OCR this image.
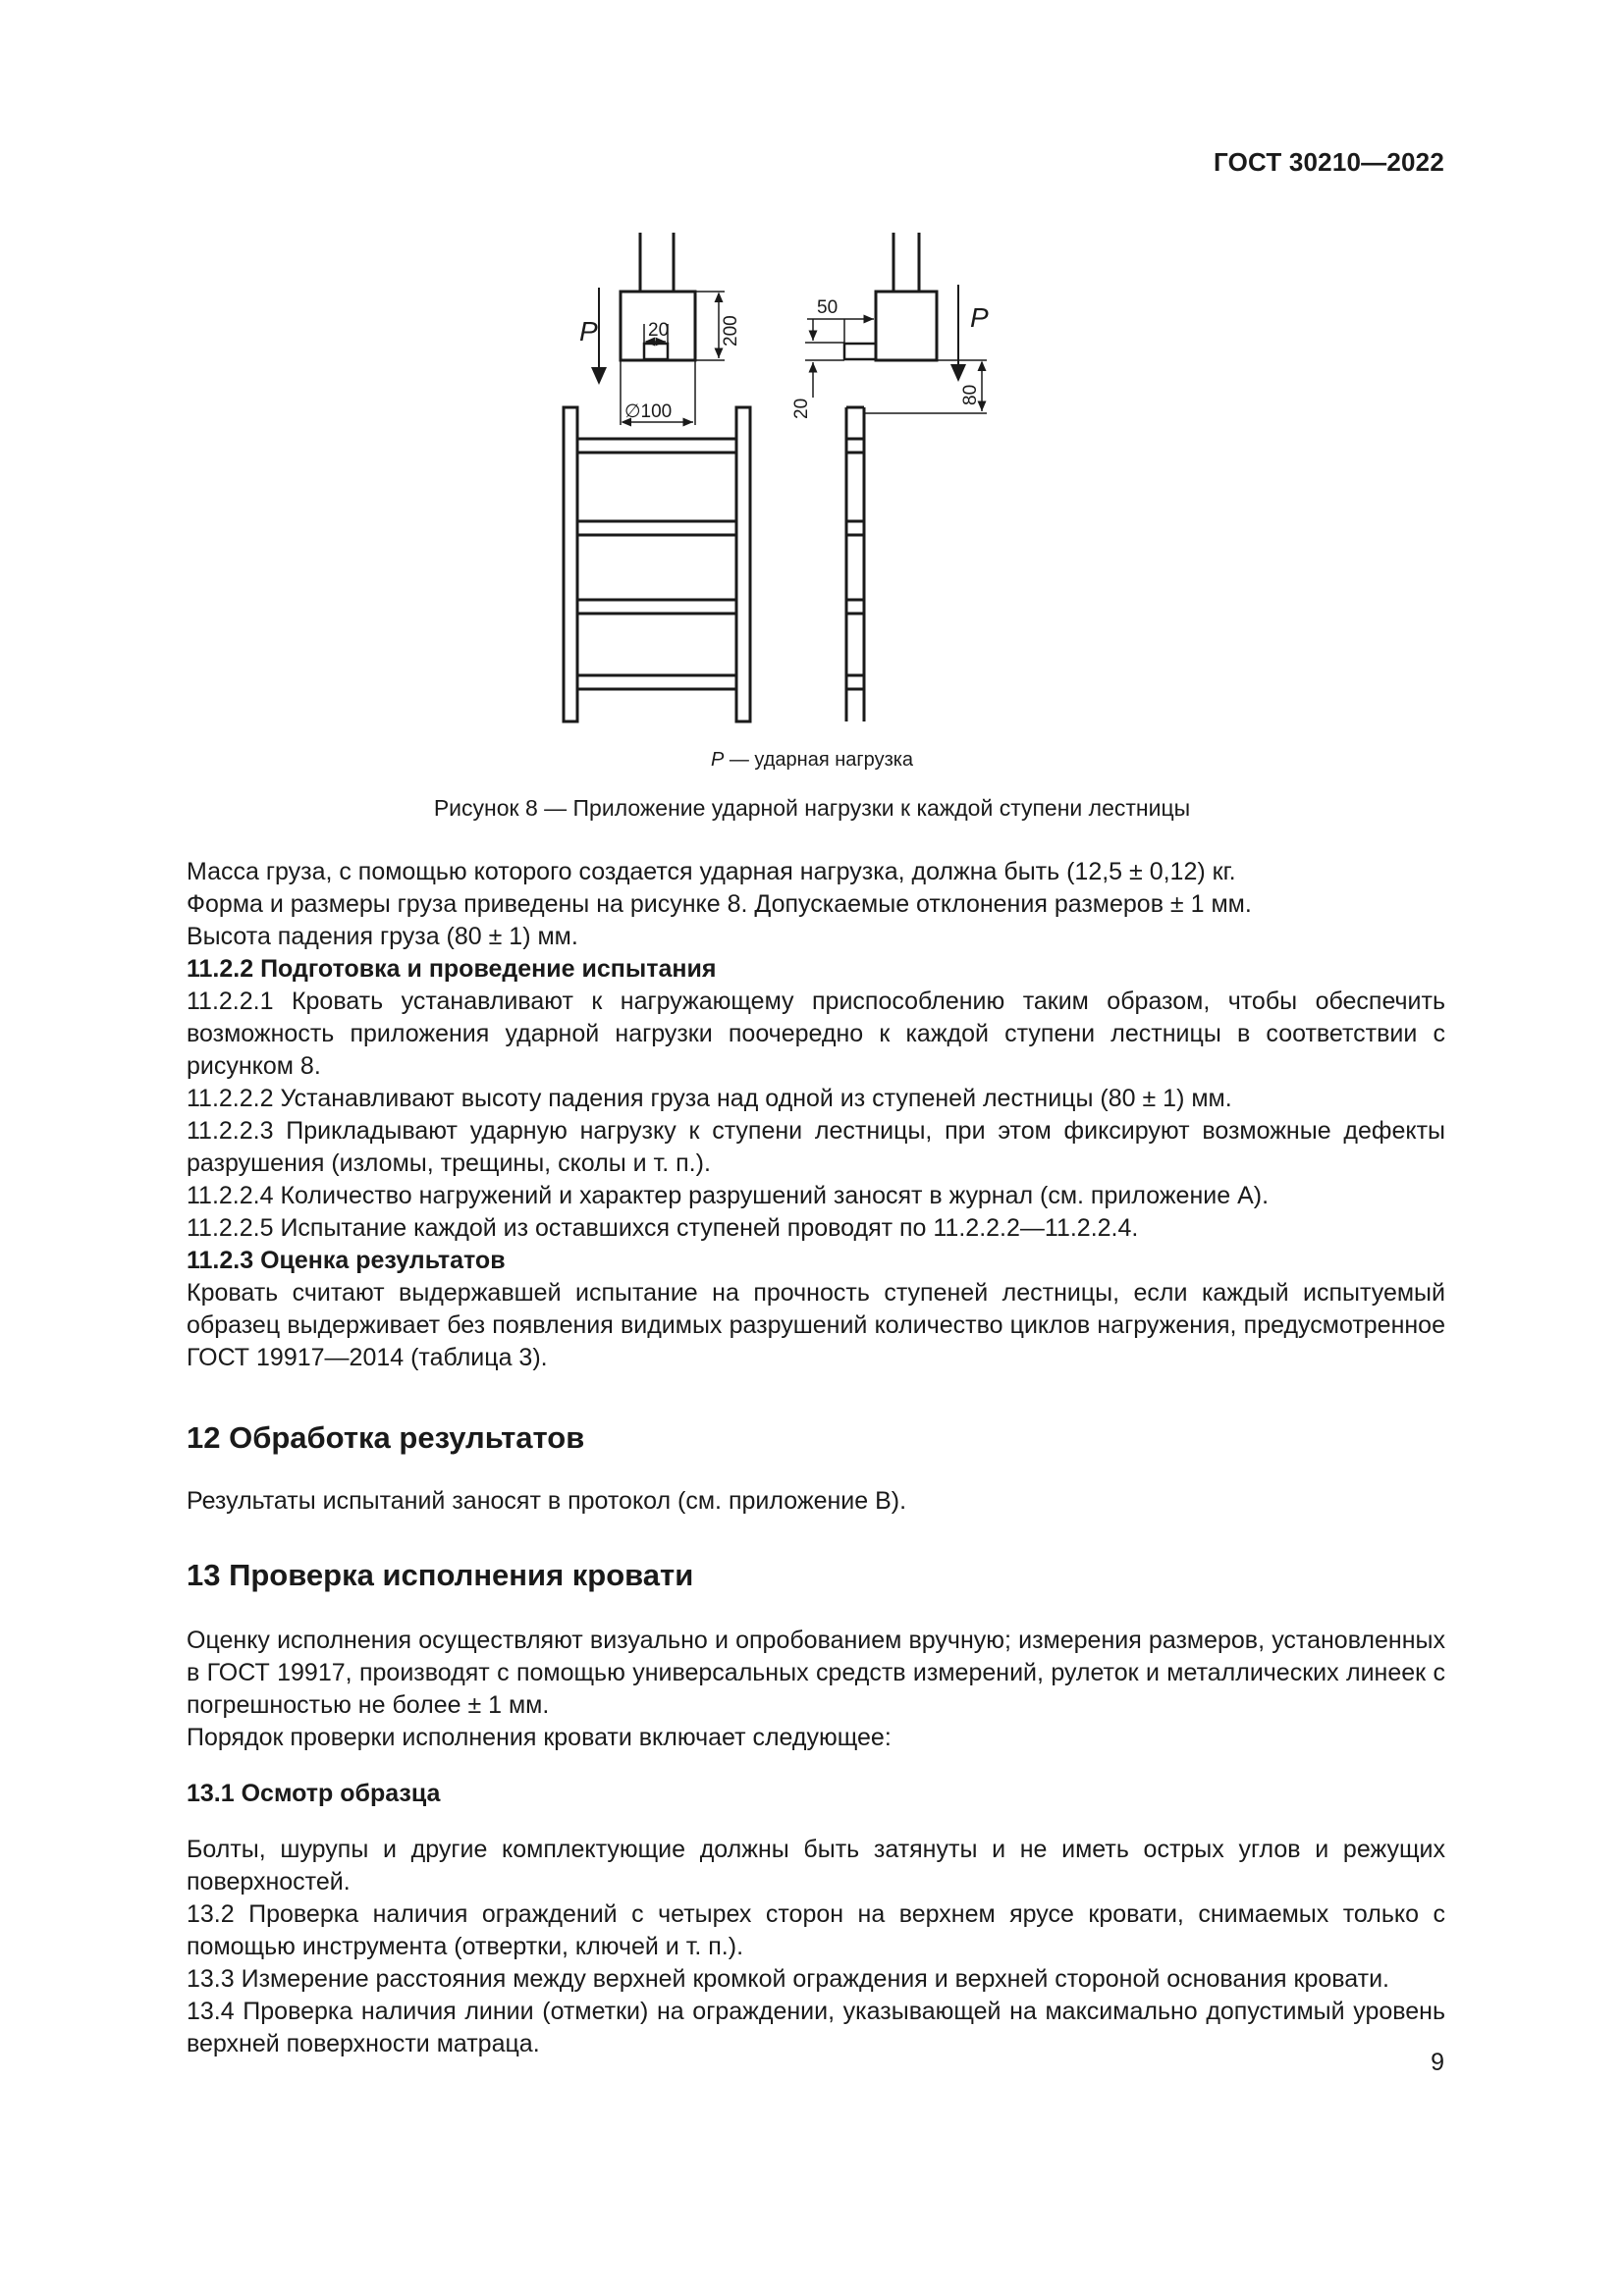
ГОСТ 30210—2022
P	20	200
∅100
P
50
20
80
P — ударная нагрузка
Рисунок 8 — Приложение ударной нагрузки к каждой ступени лестницы

Масса груза, с помощью которого создается ударная нагрузка, должна быть (12,5 ± 0,12) кг.

Форма и размеры груза приведены на рисунке 8. Допускаемые отклонения размеров ± 1 мм.

Высота падения груза (80 ± 1) мм.

11.2.2 Подготовка и проведение испытания

11.2.2.1 Кровать устанавливают к нагружающему приспособлению таким образом, чтобы обеспечить возможность приложения ударной нагрузки поочередно к каждой ступени лестницы в соответствии с рисунком 8.

11.2.2.2 Устанавливают высоту падения груза над одной из ступеней лестницы (80 ± 1) мм.

11.2.2.3 Прикладывают ударную нагрузку к ступени лестницы, при этом фиксируют возможные дефекты разрушения (изломы, трещины, сколы и т. п.).

11.2.2.4 Количество нагружений и характер разрушений заносят в журнал (см. приложение А).

11.2.2.5 Испытание каждой из оставшихся ступеней проводят по 11.2.2.2—11.2.2.4.

11.2.3 Оценка результатов

Кровать считают выдержавшей испытание на прочность ступеней лестницы, если каждый испытуемый образец выдерживает без появления видимых разрушений количество циклов нагружения, предусмотренное ГОСТ 19917—2014 (таблица 3).

12 Обработка результатов

Результаты испытаний заносят в протокол (см. приложение В).

13 Проверка исполнения кровати

Оценку исполнения осуществляют визуально и опробованием вручную; измерения размеров, установленных в ГОСТ 19917, производят с помощью универсальных средств измерений, рулеток и металлических линеек с погрешностью не более ± 1 мм.

Порядок проверки исполнения кровати включает следующее:

13.1 Осмотр образца

Болты, шурупы и другие комплектующие должны быть затянуты и не иметь острых углов и режущих поверхностей.

13.2 Проверка наличия ограждений с четырех сторон на верхнем ярусе кровати, снимаемых только с помощью инструмента (отвертки, ключей и т. п.).

13.3 Измерение расстояния между верхней кромкой ограждения и верхней стороной основания кровати.

13.4 Проверка наличия линии (отметки) на ограждении, указывающей на максимально допустимый уровень верхней поверхности матраца.

9
